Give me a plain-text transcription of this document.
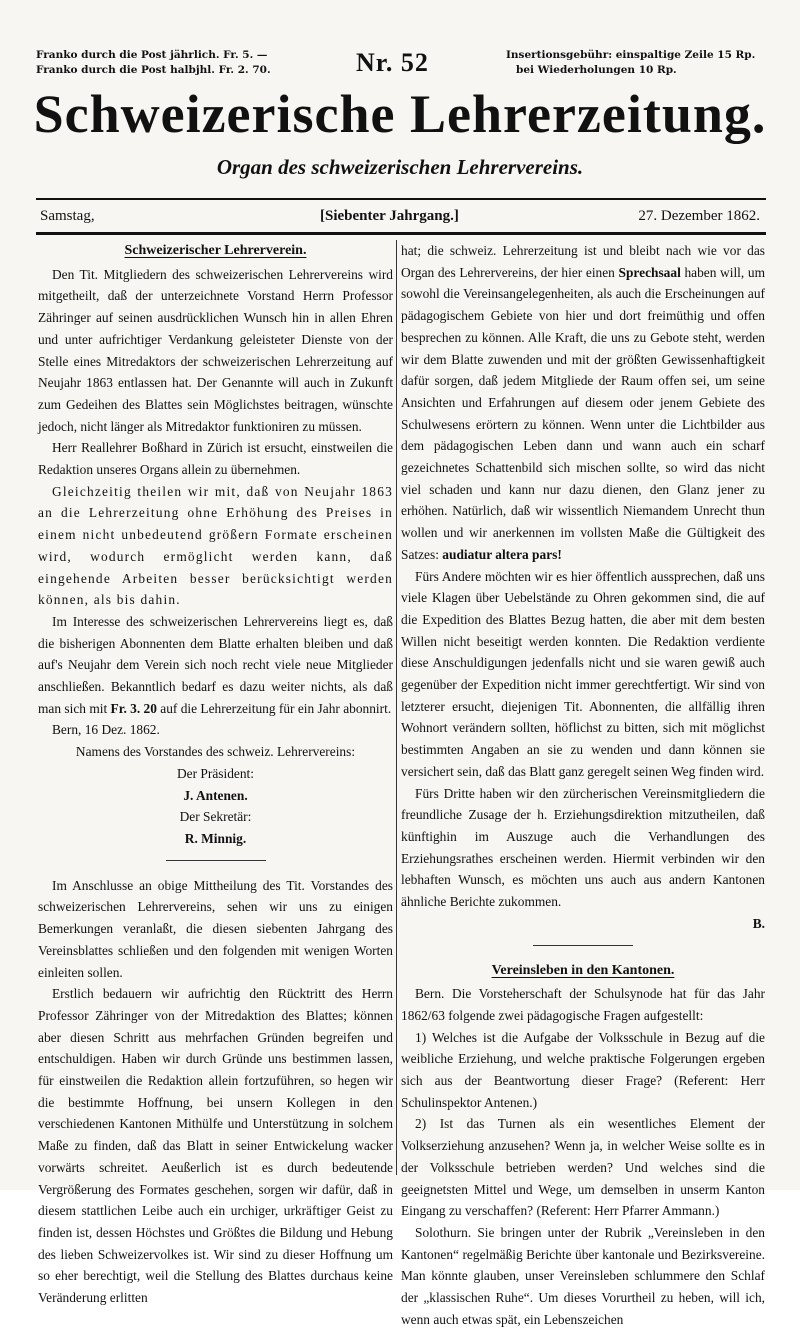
Franko durch die Post jährlich. Fr. 5. —
Franko durch die Post halbjhl. Fr. 2. 70.	Nr. 52	Insertionsgebühr: einspaltige Zeile 15 Rp.
bei Wiederholungen 10 Rp.
Schweizerische Lehrerzeitung.
Organ des schweizerischen Lehrervereins.
Samstag,	[Siebenter Jahrgang.]	27. Dezember 1862.
Schweizerischer Lehrerverein.

Den Tit. Mitgliedern des schweizerischen Lehrervereins wird mitgetheilt, daß der unterzeichnete Vorstand Herrn Professor Zähringer auf seinen ausdrücklichen Wunsch hin in allen Ehren und unter aufrichtiger Verdankung geleisteter Dienste von der Stelle eines Mitredaktors der schweizerischen Lehrerzeitung auf Neujahr 1863 entlassen hat. Der Genannte will auch in Zukunft zum Gedeihen des Blattes sein Möglichstes beitragen, wünschte jedoch, nicht länger als Mitredaktor funktioniren zu müssen.

Herr Reallehrer Boßhard in Zürich ist ersucht, einstweilen die Redaktion unseres Organs allein zu übernehmen.

Gleichzeitig theilen wir mit, daß von Neujahr 1863 an die Lehrerzeitung ohne Erhöhung des Preises in einem nicht unbedeutend größern Formate erscheinen wird, wodurch ermöglicht werden kann, daß eingehende Arbeiten besser berücksichtigt werden können, als bis dahin.

Im Interesse des schweizerischen Lehrervereins liegt es, daß die bisherigen Abonnenten dem Blatte erhalten bleiben und daß auf's Neujahr dem Verein sich noch recht viele neue Mitglieder anschließen. Bekanntlich bedarf es dazu weiter nichts, als daß man sich mit Fr. 3. 20 auf die Lehrerzeitung für ein Jahr abonnirt.

Bern, 16 Dez. 1862.

Namens des Vorstandes des schweiz. Lehrervereins:

Der Präsident:

J. Antenen.

Der Sekretär:

R. Minnig.

Im Anschlusse an obige Mittheilung des Tit. Vorstandes des schweizerischen Lehrervereins, sehen wir uns zu einigen Bemerkungen veranlaßt, die diesen siebenten Jahrgang des Vereinsblattes schließen und den folgenden mit wenigen Worten einleiten sollen.

Erstlich bedauern wir aufrichtig den Rücktritt des Herrn Professor Zähringer von der Mitredaktion des Blattes; können aber diesen Schritt aus mehrfachen Gründen begreifen und entschuldigen. Haben wir durch Gründe uns bestimmen lassen, für einstweilen die Redaktion allein fortzuführen, so hegen wir die bestimmte Hoffnung, bei unsern Kollegen in den verschiedenen Kantonen Mithülfe und Unterstützung in solchem Maße zu finden, daß das Blatt in seiner Entwickelung wacker vorwärts schreitet. Aeußerlich ist es durch bedeutende Vergrößerung des Formates geschehen, sorgen wir dafür, daß in diesem stattlichen Leibe auch ein urchiger, urkräftiger Geist zu finden ist, dessen Höchstes und Größtes die Bildung und Hebung des lieben Schweizervolkes ist. Wir sind zu dieser Hoffnung um so eher berechtigt, weil die Stellung des Blattes durchaus keine Veränderung erlitten

hat; die schweiz. Lehrerzeitung ist und bleibt nach wie vor das Organ des Lehrervereins, der hier einen Sprechsaal haben will, um sowohl die Vereinsangelegenheiten, als auch die Erscheinungen auf pädagogischem Gebiete von hier und dort freimüthig und offen besprechen zu können. Alle Kraft, die uns zu Gebote steht, werden wir dem Blatte zuwenden und mit der größten Gewissenhaftigkeit dafür sorgen, daß jedem Mitgliede der Raum offen sei, um seine Ansichten und Erfahrungen auf diesem oder jenem Gebiete des Schulwesens erörtern zu können. Wenn unter die Lichtbilder aus dem pädagogischen Leben dann und wann auch ein scharf gezeichnetes Schattenbild sich mischen sollte, so wird das nicht viel schaden und kann nur dazu dienen, den Glanz jener zu erhöhen. Natürlich, daß wir wissentlich Niemandem Unrecht thun wollen und wir anerkennen im vollsten Maße die Gültigkeit des Satzes: audiatur altera pars!

Fürs Andere möchten wir es hier öffentlich aussprechen, daß uns viele Klagen über Uebelstände zu Ohren gekommen sind, die auf die Expedition des Blattes Bezug hatten, die aber mit dem besten Willen nicht beseitigt werden konnten. Die Redaktion verdiente diese Anschuldigungen jedenfalls nicht und sie waren gewiß auch gegenüber der Expedition nicht immer gerechtfertigt. Wir sind von letzterer ersucht, diejenigen Tit. Abonnenten, die allfällig ihren Wohnort verändern sollten, höflichst zu bitten, sich mit möglichst bestimmten Angaben an sie zu wenden und dann können sie versichert sein, daß das Blatt ganz geregelt seinen Weg finden wird.

Fürs Dritte haben wir den zürcherischen Vereinsmitgliedern die freundliche Zusage der h. Erziehungsdirektion mitzutheilen, daß künftighin im Auszuge auch die Verhandlungen des Erziehungsrathes erscheinen werden. Hiermit verbinden wir den lebhaften Wunsch, es möchten uns auch aus andern Kantonen ähnliche Berichte zukommen.

B.
Vereinsleben in den Kantonen.

Bern. Die Vorsteherschaft der Schulsynode hat für das Jahr 1862/63 folgende zwei pädagogische Fragen aufgestellt:

1) Welches ist die Aufgabe der Volksschule in Bezug auf die weibliche Erziehung, und welche praktische Folgerungen ergeben sich aus der Beantwortung dieser Frage? (Referent: Herr Schulinspektor Antenen.)

2) Ist das Turnen als ein wesentliches Element der Volkserziehung anzusehen? Wenn ja, in welcher Weise sollte es in der Volksschule betrieben werden? Und welches sind die geeignetsten Mittel und Wege, um demselben in unserm Kanton Eingang zu verschaffen? (Referent: Herr Pfarrer Ammann.)

Solothurn. Sie bringen unter der Rubrik „Vereinsleben in den Kantonen“ regelmäßig Berichte über kantonale und Bezirksvereine. Man könnte glauben, unser Vereinsleben schlummere den Schlaf der „klassischen Ruhe“. Um dieses Vorurtheil zu heben, will ich, wenn auch etwas spät, ein Lebenszeichen
